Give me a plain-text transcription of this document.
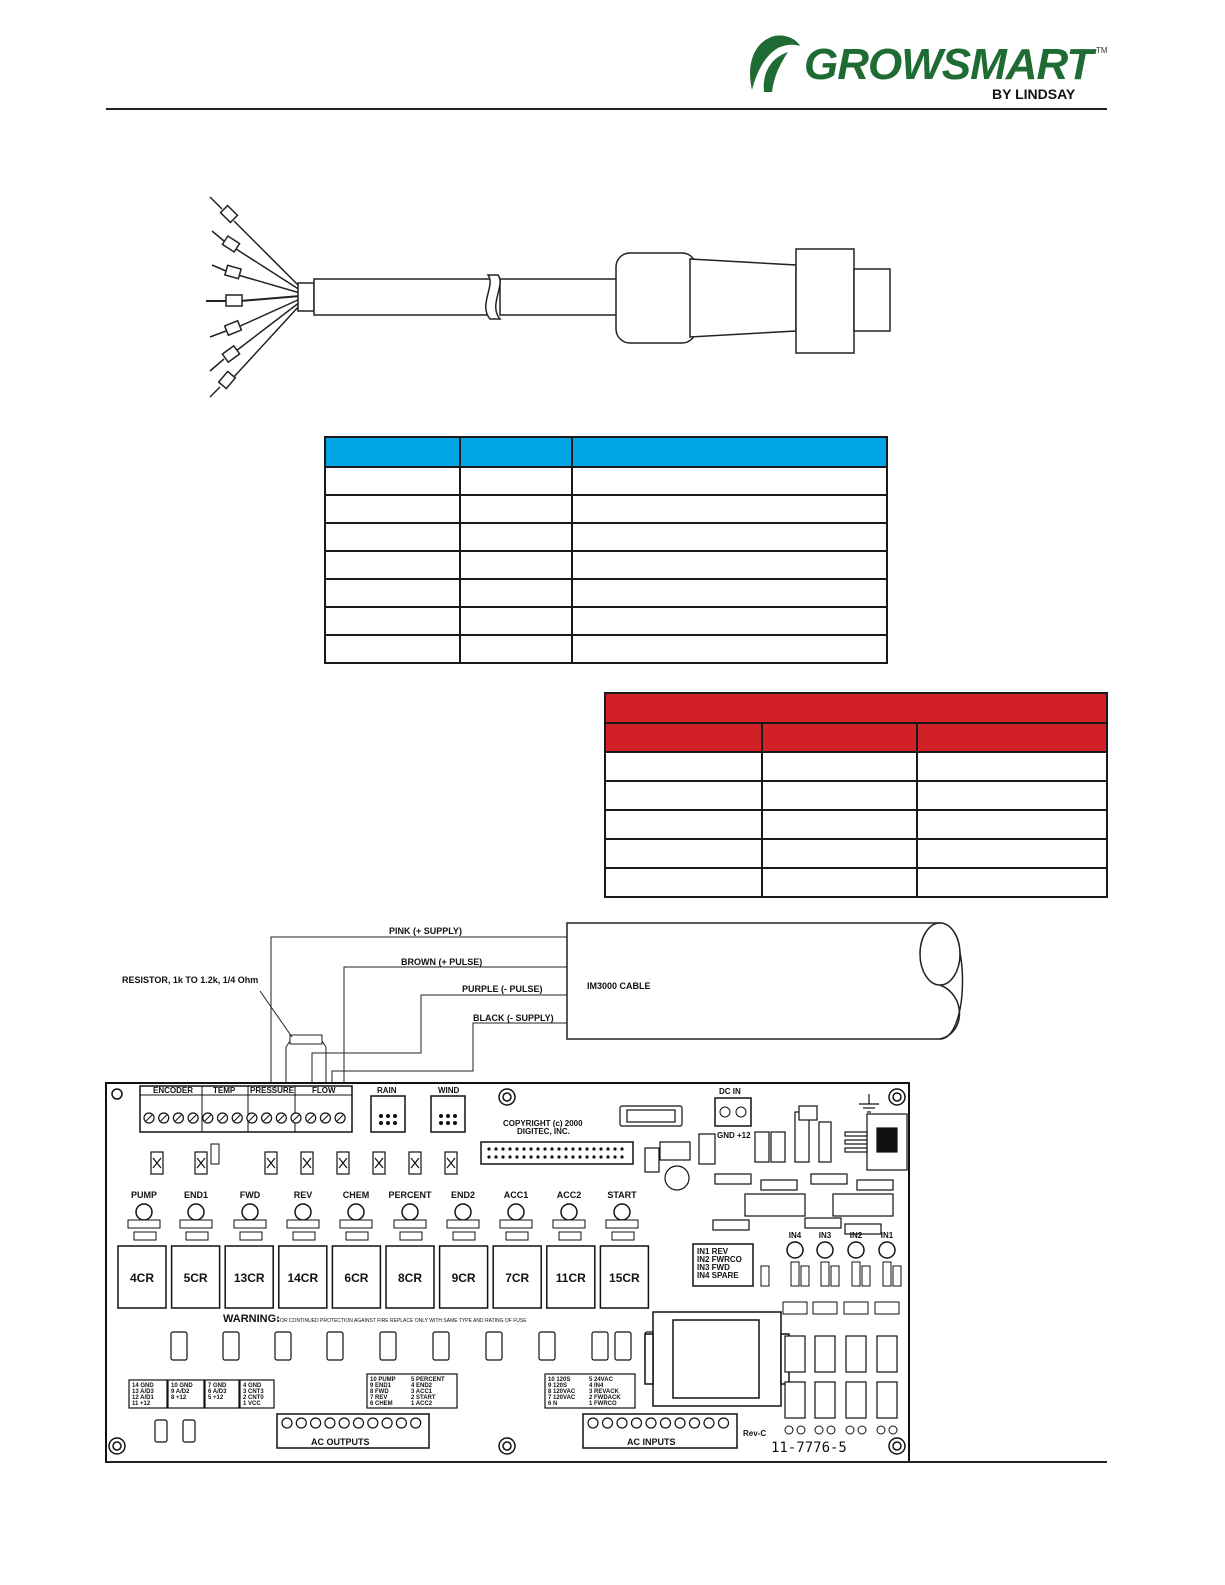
GROWSMART TM
BY LINDSAY

IM3000 CABLE
PINK (+ SUPPLY)
BROWN (+ PULSE)
PURPLE (- PULSE)
BLACK (- SUPPLY)
RESISTOR, 1k TO 1.2k, 1/4 Ohm
ENCODER TEMP PRESSURE FLOW	RAIN	WIND
COPYRIGHT (c) 2000
DIGITEC, INC.
DC IN
GND +12
PUMP	END1	FWD	REV	CHEM PERCENT END2	ACC1	ACC2	START
4CR 5CR 13CR 14CR 6CR 8CR 9CR 7CR 11CR 15CR
IN4 IN3 IN2 IN1
IN1 REV
IN2 FWRCO
IN3 FWD
IN4 SPARE
WARNING:
FOR CONTINUED PROTECTION AGAINST FIRE REPLACE ONLY WITH SAME TYPE AND RATING OF FUSE
14 GND
13 A/D3
12 A/D1
11 +12
10 GND
9 A/D2
8 +12
7 GND
6 A/D3
5 +12
4 GND
3 CNT3
2 CNT0
1 VCC
10 PUMP
9 END1
8 FWD
7 REV
6 CHEM
5 PERCENT
4 END2
3 ACC1
2 START
1 ACC2
10 120S
9 120S
8 120VAC
7 120VAC
6 N
5 24VAC
4 IN4
3 REVACK
2 FWDACK
1 FWRCO
AC OUTPUTS	AC INPUTS
Rev-C
11-7776-5
